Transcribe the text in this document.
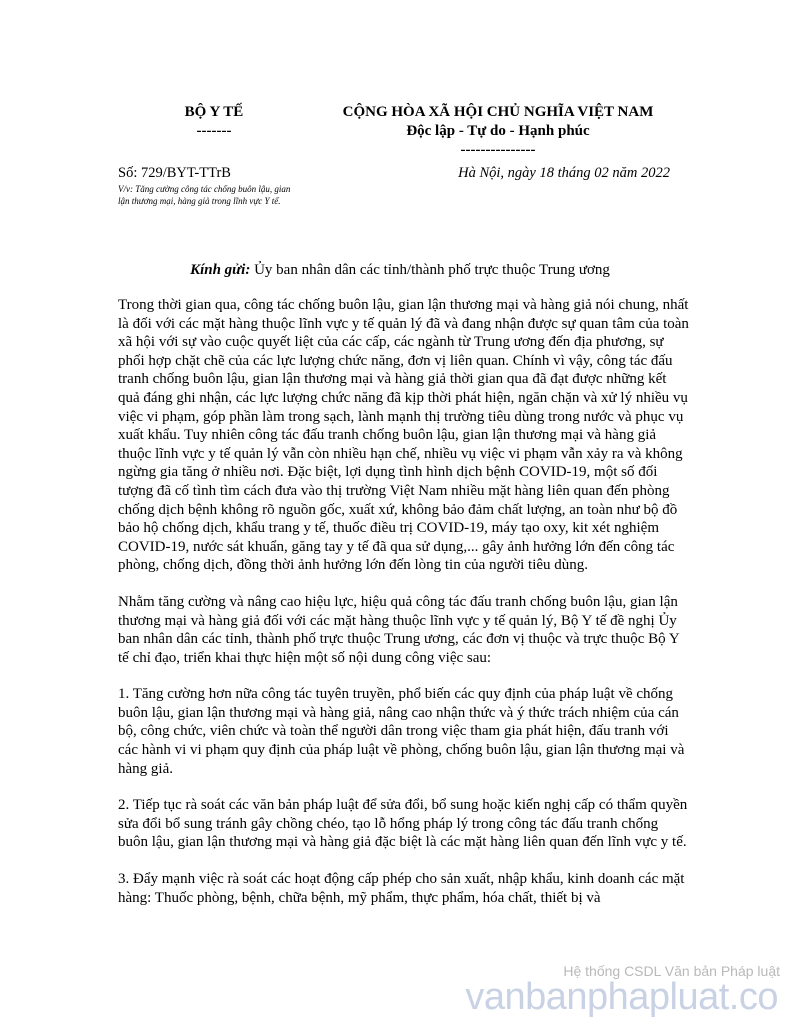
BỘ Y TẾ
-------
CỘNG HÒA XÃ HỘI CHỦ NGHĨA VIỆT NAM
Độc lập - Tự do - Hạnh phúc
---------------
Số: 729/BYT-TTrB	Hà Nội, ngày 18 tháng 02 năm 2022
V/v: Tăng cường công tác chống buôn lậu, gian lận thương mại, hàng giả trong lĩnh vực Y tế.
Kính gửi: Ủy ban nhân dân các tỉnh/thành phố trực thuộc Trung ương

Trong thời gian qua, công tác chống buôn lậu, gian lận thương mại và hàng giả nói chung, nhất là đối với các mặt hàng thuộc lĩnh vực y tế quản lý đã và đang nhận được sự quan tâm của toàn xã hội với sự vào cuộc quyết liệt của các cấp, các ngành từ Trung ương đến địa phương, sự phối hợp chặt chẽ của các lực lượng chức năng, đơn vị liên quan. Chính vì vậy, công tác đấu tranh chống buôn lậu, gian lận thương mại và hàng giả thời gian qua đã đạt được những kết quả đáng ghi nhận, các lực lượng chức năng đã kịp thời phát hiện, ngăn chặn và xử lý nhiều vụ việc vi phạm, góp phần làm trong sạch, lành mạnh thị trường tiêu dùng trong nước và phục vụ xuất khẩu. Tuy nhiên công tác đấu tranh chống buôn lậu, gian lận thương mại và hàng giả thuộc lĩnh vực y tế quản lý vẫn còn nhiều hạn chế, nhiều vụ việc vi phạm vẫn xảy ra và không ngừng gia tăng ở nhiều nơi. Đặc biệt, lợi dụng tình hình dịch bệnh COVID-19, một số đối tượng đã cố tình tìm cách đưa vào thị trường Việt Nam nhiều mặt hàng liên quan đến phòng chống dịch bệnh không rõ nguồn gốc, xuất xứ, không bảo đảm chất lượng, an toàn như bộ đồ bảo hộ chống dịch, khẩu trang y tế, thuốc điều trị COVID-19, máy tạo oxy, kit xét nghiệm COVID-19, nước sát khuẩn, găng tay y tế đã qua sử dụng,... gây ảnh hưởng lớn đến công tác phòng, chống dịch, đồng thời ảnh hưởng lớn đến lòng tin của người tiêu dùng.

Nhằm tăng cường và nâng cao hiệu lực, hiệu quả công tác đấu tranh chống buôn lậu, gian lận thương mại và hàng giả đối với các mặt hàng thuộc lĩnh vực y tế quản lý, Bộ Y tế đề nghị Ủy ban nhân dân các tỉnh, thành phố trực thuộc Trung ương, các đơn vị thuộc và trực thuộc Bộ Y tế chỉ đạo, triển khai thực hiện một số nội dung công việc sau:

1. Tăng cường hơn nữa công tác tuyên truyền, phổ biến các quy định của pháp luật về chống buôn lậu, gian lận thương mại và hàng giả, nâng cao nhận thức và ý thức trách nhiệm của cán bộ, công chức, viên chức và toàn thể người dân trong việc tham gia phát hiện, đấu tranh với các hành vi vi phạm quy định của pháp luật về phòng, chống buôn lậu, gian lận thương mại và hàng giả.

2. Tiếp tục rà soát các văn bản pháp luật để sửa đổi, bổ sung hoặc kiến nghị cấp có thẩm quyền sửa đổi bổ sung tránh gây chồng chéo, tạo lỗ hổng pháp lý trong công tác đấu tranh chống buôn lậu, gian lận thương mại và hàng giả đặc biệt là các mặt hàng liên quan đến lĩnh vực y tế.

3. Đẩy mạnh việc rà soát các hoạt động cấp phép cho sản xuất, nhập khẩu, kinh doanh các mặt hàng: Thuốc phòng, bệnh, chữa bệnh, mỹ phẩm, thực phẩm, hóa chất, thiết bị và

Hệ thống CSDL Văn bản Pháp luật
vanbanphapluat.co
